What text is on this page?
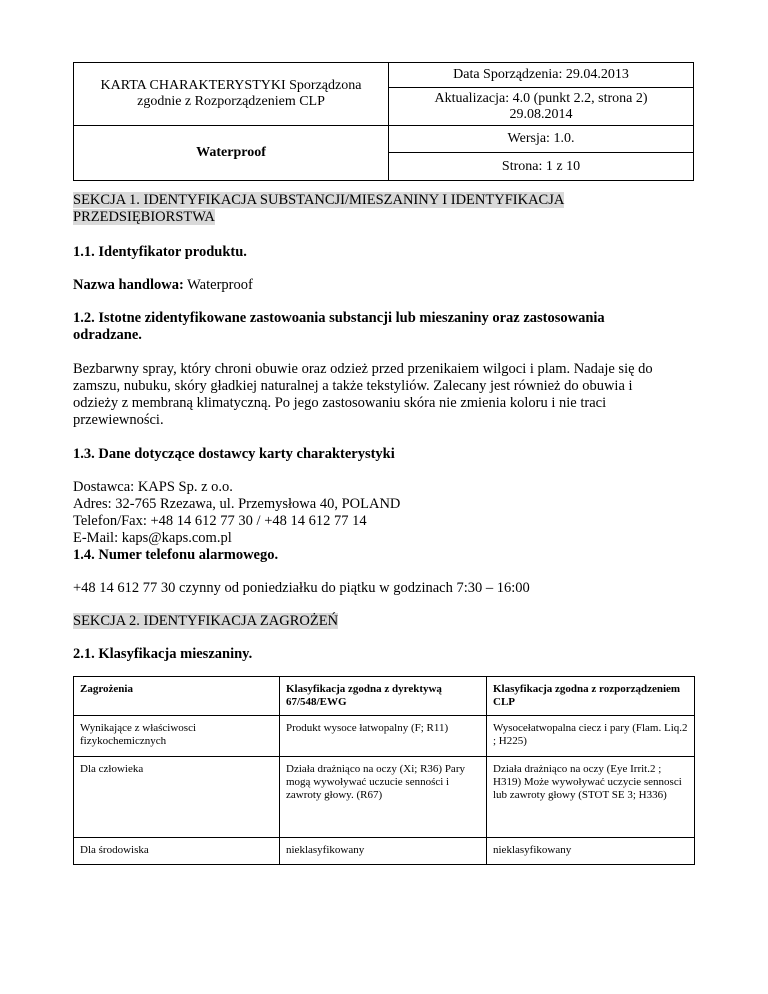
KARTA CHARAKTERYSTYKI Sporządzona zgodnie z Rozporządzeniem CLP	Data Sporządzenia: 29.04.2013
	Aktualizacja: 4.0 (punkt 2.2, strona 2)
29.08.2014
Waterproof	Wersja: 1.0.
	Strona: 1 z 10
SEKCJA 1. IDENTYFIKACJA SUBSTANCJI/MIESZANINY I IDENTYFIKACJA
PRZEDSIĘBIORSTWA
1.1. Identyfikator produktu.
Nazwa handlowa: Waterproof
1.2. Istotne zidentyfikowane zastowoania substancji lub mieszaniny oraz zastosowania
odradzane.
Bezbarwny spray, który chroni obuwie oraz odzież przed przenikaiem wilgoci i plam. Nadaje się do
zamszu, nubuku, skóry gładkiej naturalnej a także tekstyliów. Zalecany jest również do obuwia i
odzieży z membraną klimatyczną. Po jego zastosowaniu skóra nie zmienia koloru i nie traci
przewiewności.
1.3. Dane dotyczące dostawcy karty charakterystyki
Dostawca: KAPS Sp. z o.o.
Adres: 32-765 Rzezawa, ul. Przemysłowa 40, POLAND
Telefon/Fax: +48 14 612 77 30 / +48 14 612 77 14
E-Mail: kaps@kaps.com.pl
1.4. Numer telefonu alarmowego.
+48 14 612 77 30 czynny od poniedziałku do piątku w godzinach 7:30 – 16:00
SEKCJA 2. IDENTYFIKACJA ZAGROŻEŃ
2.1. Klasyfikacja mieszaniny.
Zagrożenia	Klasyfikacja zgodna z dyrektywą 67/548/EWG	Klasyfikacja zgodna z rozporządzeniem CLP
Wynikające z właściwosci fizykochemicznych	Produkt wysoce łatwopalny (F; R11)	Wysocełatwopalna ciecz i pary (Flam. Liq.2 ; H225)
Dla człowieka	Działa drażniąco na oczy (Xi; R36) Pary mogą wywoływać uczucie senności i zawroty głowy. (R67)	Działa drażniąco na oczy (Eye Irrit.2 ; H319) Może wywoływać uczycie sennosci lub zawroty głowy (STOT SE 3; H336)
Dla środowiska	nieklasyfikowany	nieklasyfikowany
